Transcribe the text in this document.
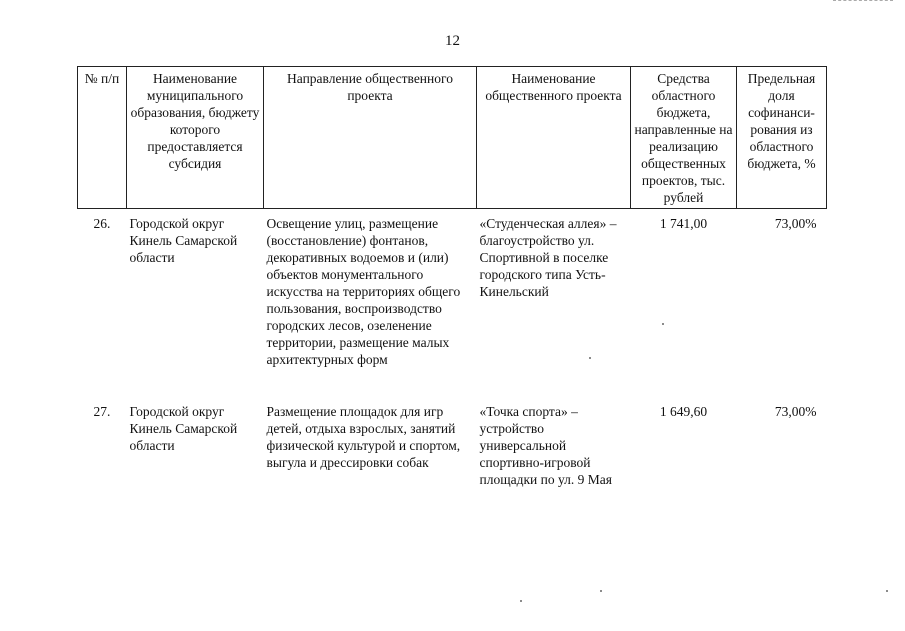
12
№ п/п	Наименование муниципального образования, бюджету которого предоставляется субсидия	Направление общественного проекта	Наименование общественного проекта	Средства областного бюджета, направленные на реализацию общественных проектов, тыс. рублей	Предельная доля софинанси-рования из областного бюджета, %
26.	Городской округ Кинель Самарской области	Освещение улиц, размещение (восстановление) фонтанов, декоративных водоемов и (или) объектов монументального искусства на территориях общего пользования, воспроизводство городских лесов, озеленение территории, размещение малых архитектурных форм	«Студенческая аллея» – благоустройство ул. Спортивной в поселке городского типа Усть-Кинельский	1 741,00	73,00%
27.	Городской округ Кинель Самарской области	Размещение площадок для игр детей, отдыха взрослых, занятий физической культурой и спортом, выгула и дрессировки собак	«Точка спорта» – устройство универсальной спортивно-игровой площадки по ул. 9 Мая	1 649,60	73,00%
